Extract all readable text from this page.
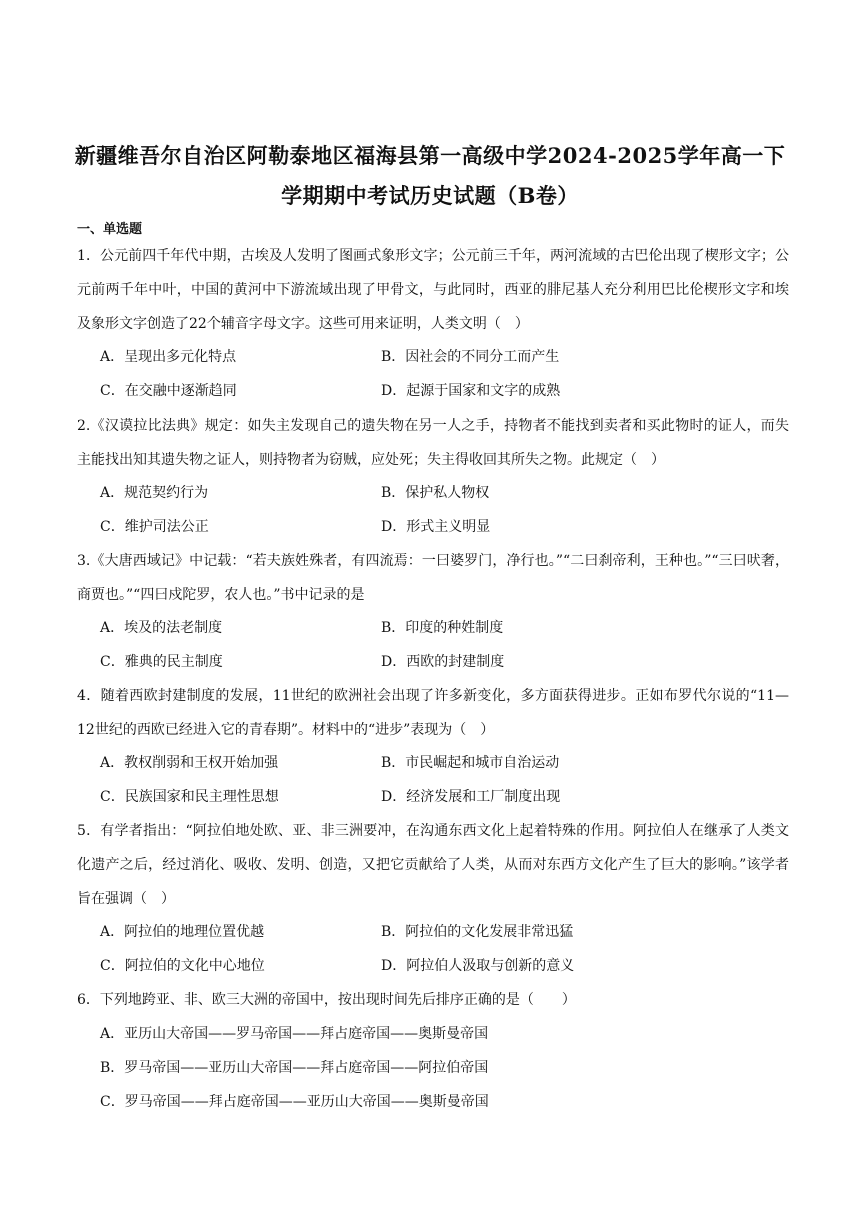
新疆维吾尔自治区阿勒泰地区福海县第一高级中学2024-2025学年高一下
学期期中考试历史试题（B卷）
一、单选题
1．公元前四千年代中期，古埃及人发明了图画式象形文字；公元前三千年，两河流域的古巴伦出现了楔形文字；公元前两千年中叶，中国的黄河中下游流域出现了甲骨文，与此同时，西亚的腓尼基人充分利用巴比伦楔形文字和埃及象形文字创造了22个辅音字母文字。这些可用来证明，人类文明（　）
A．呈现出多元化特点	B．因社会的不同分工而产生
C．在交融中逐渐趋同	D．起源于国家和文字的成熟
2.《汉谟拉比法典》规定：如失主发现自己的遗失物在另一人之手，持物者不能找到卖者和买此物时的证人，而失主能找出知其遗失物之证人，则持物者为窃贼，应处死；失主得收回其所失之物。此规定（　）
A．规范契约行为	B．保护私人物权
C．维护司法公正	D．形式主义明显
3.《大唐西域记》中记载：“若夫族姓殊者，有四流焉：一曰婆罗门，净行也。”“二曰刹帝利，王种也。”“三曰吠奢，商贾也。”“四曰戍陀罗，农人也。”书中记录的是
A．埃及的法老制度	B．印度的种姓制度
C．雅典的民主制度	D．西欧的封建制度
4．随着西欧封建制度的发展，11世纪的欧洲社会出现了许多新变化，多方面获得进步。正如布罗代尔说的“11—12世纪的西欧已经进入它的青春期”。材料中的“进步”表现为（　）
A．教权削弱和王权开始加强	B．市民崛起和城市自治运动
C．民族国家和民主理性思想	D．经济发展和工厂制度出现
5．有学者指出：“阿拉伯地处欧、亚、非三洲要冲，在沟通东西文化上起着特殊的作用。阿拉伯人在继承了人类文化遗产之后，经过消化、吸收、发明、创造，又把它贡献给了人类，从而对东西方文化产生了巨大的影响。”该学者旨在强调（　）
A．阿拉伯的地理位置优越	B．阿拉伯的文化发展非常迅猛
C．阿拉伯的文化中心地位	D．阿拉伯人汲取与创新的意义
6．下列地跨亚、非、欧三大洲的帝国中，按出现时间先后排序正确的是（　　）
A．亚历山大帝国——罗马帝国——拜占庭帝国——奥斯曼帝国
B．罗马帝国——亚历山大帝国——拜占庭帝国——阿拉伯帝国
C．罗马帝国——拜占庭帝国——亚历山大帝国——奥斯曼帝国
